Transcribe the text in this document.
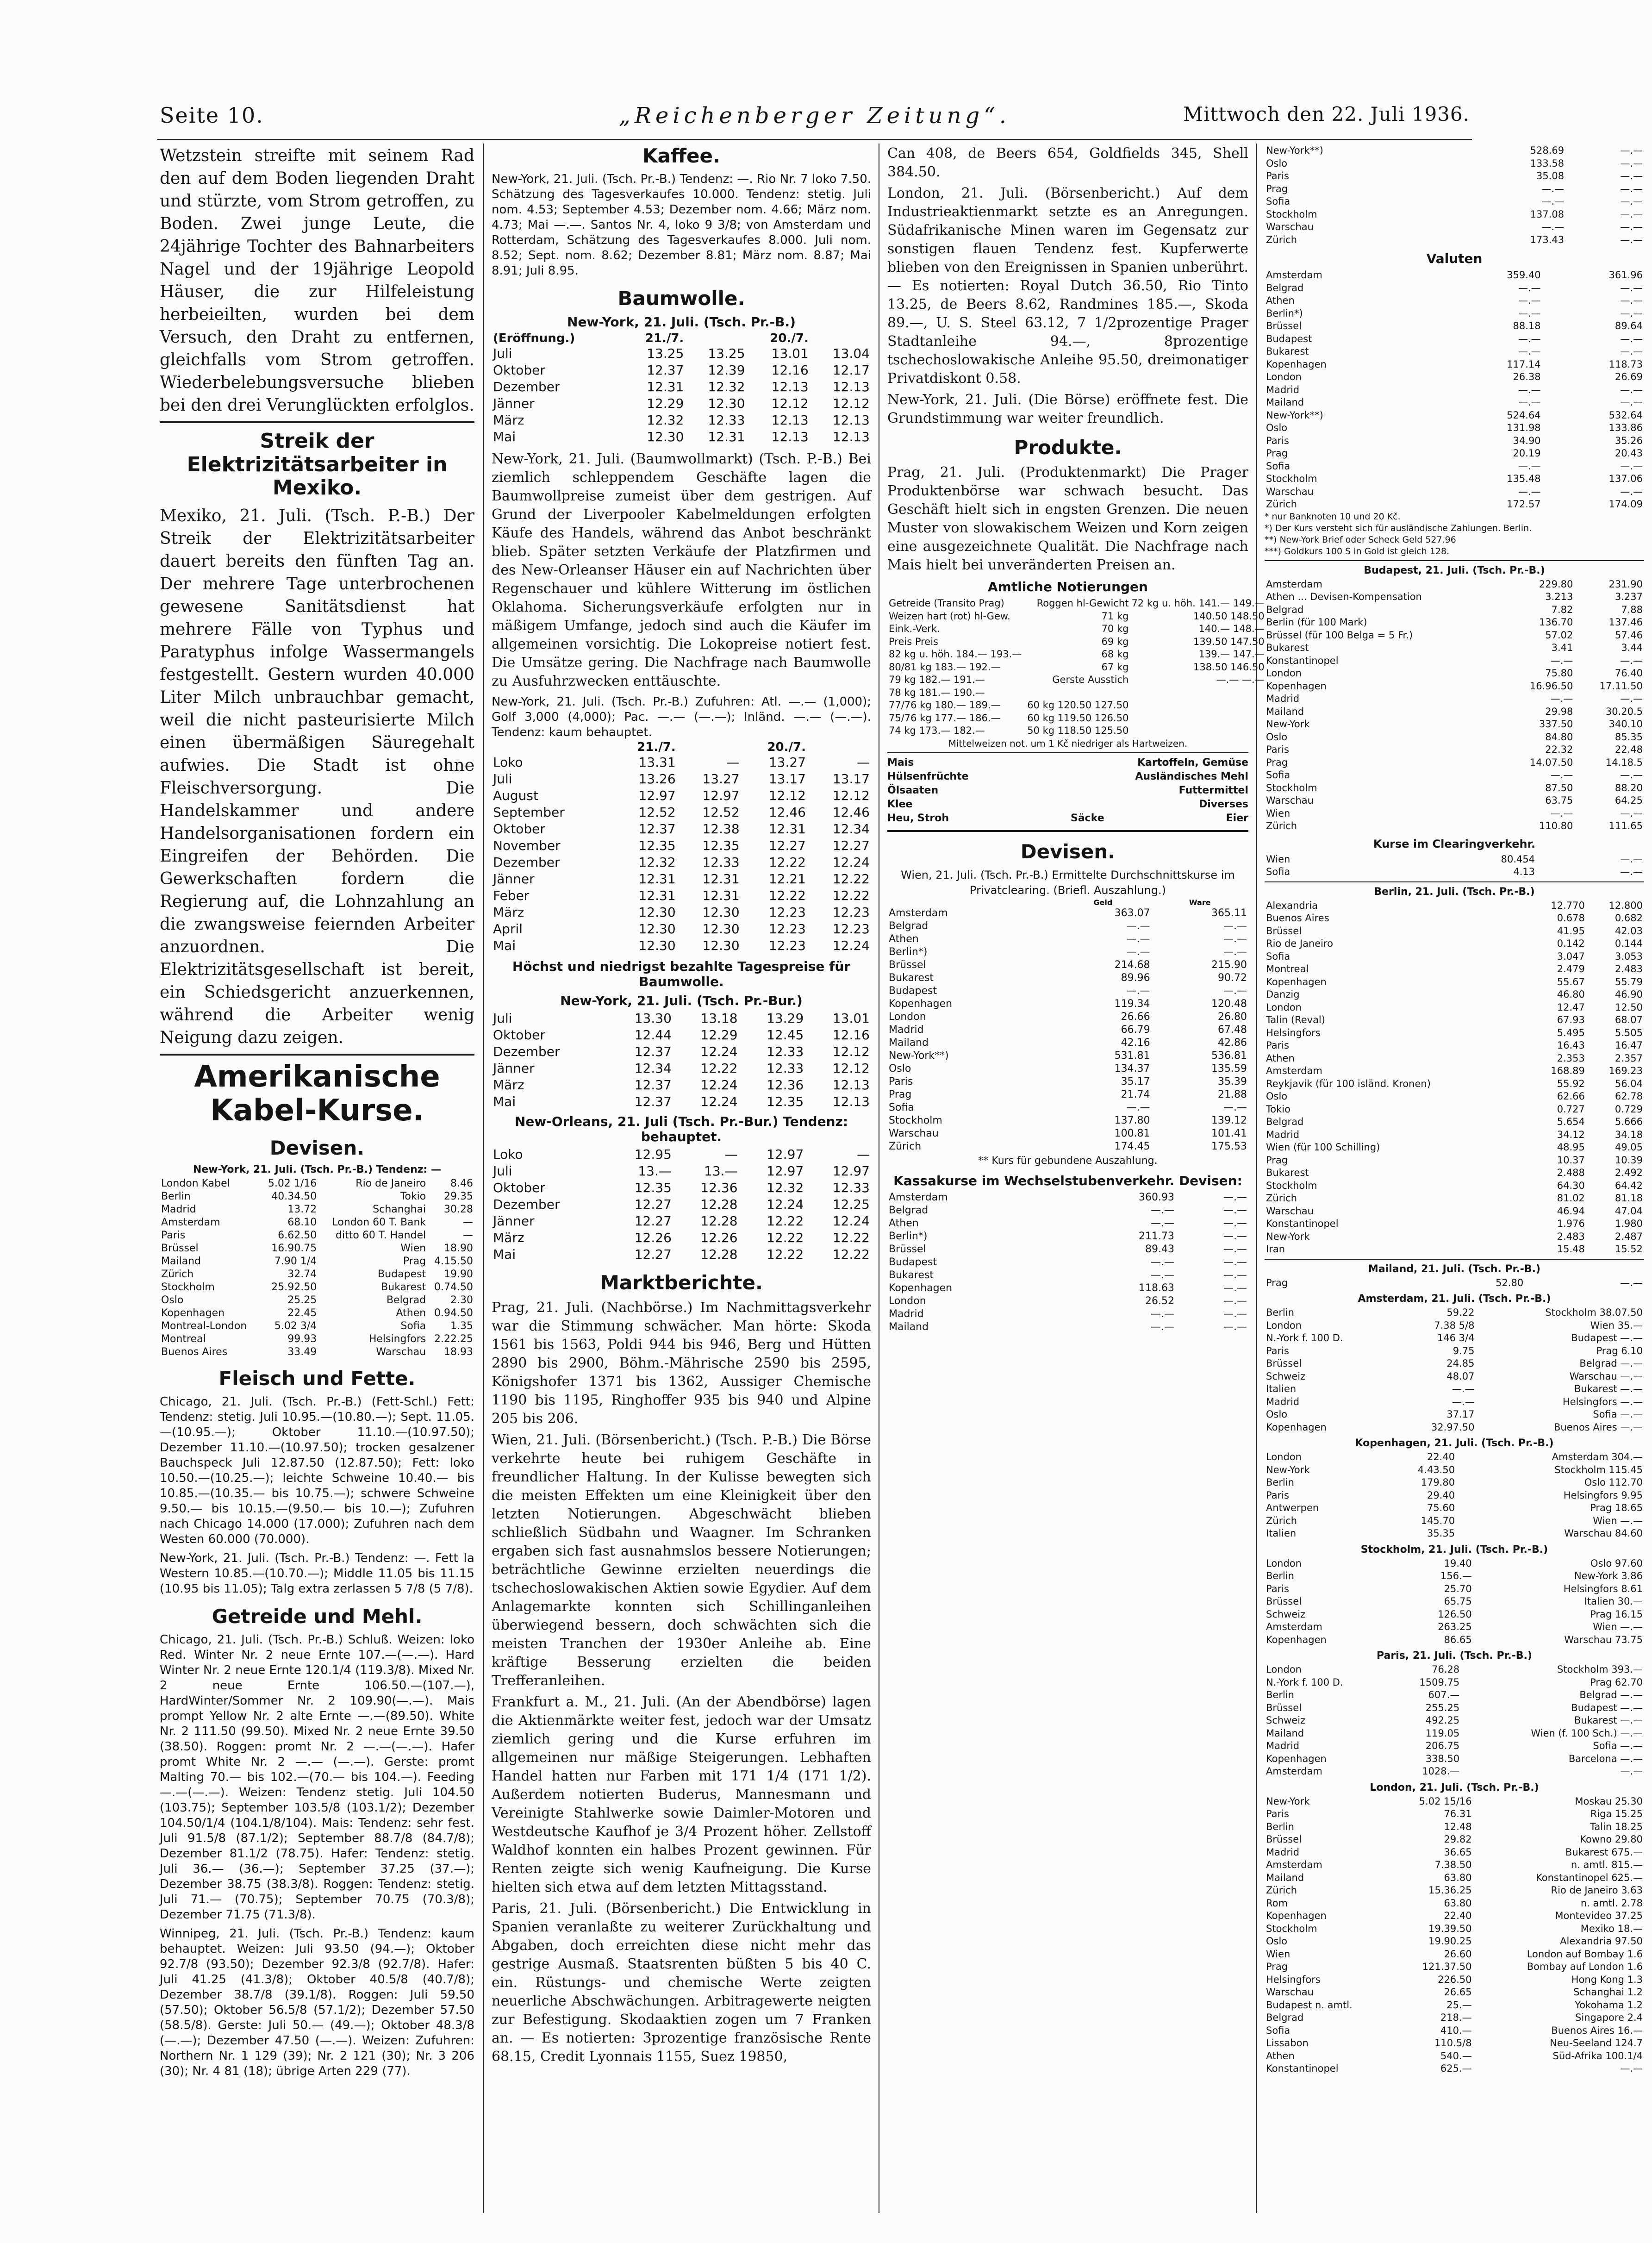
Seite 10.	„Reichenberger Zeitung“.	Mittwoch den 22. Juli 1936.

Wetzstein streifte mit seinem Rad den auf dem Boden liegenden Draht und stürzte, vom Strom getroffen, zu Boden. Zwei junge Leute, die 24jährige Tochter des Bahnarbeiters Nagel und der 19jährige Leopold Häuser, die zur Hilfeleistung herbeieilten, wurden bei dem Versuch, den Draht zu entfernen, gleichfalls vom Strom getroffen. Wiederbelebungsversuche blieben bei den drei Verunglückten erfolglos.

Streik der Elektrizitätsarbeiter in Mexiko.

Mexiko, 21. Juli. (Tsch. P.-B.) Der Streik der Elektrizitätsarbeiter dauert bereits den fünften Tag an. Der mehrere Tage unterbrochenen gewesene Sanitätsdienst hat mehrere Fälle von Typhus und Paratyphus infolge Wassermangels festgestellt. Gestern wurden 40.000 Liter Milch unbrauchbar gemacht, weil die nicht pasteurisierte Milch einen übermäßigen Säuregehalt aufwies. Die Stadt ist ohne Fleischversorgung. Die Handelskammer und andere Handelsorganisationen fordern ein Eingreifen der Behörden. Die Gewerkschaften fordern die Regierung auf, die Lohnzahlung an die zwangsweise feiernden Arbeiter anzuordnen. Die Elektrizitätsgesellschaft ist bereit, ein Schiedsgericht anzuerkennen, während die Arbeiter wenig Neigung dazu zeigen.

Amerikanische Kabel-Kurse.
Devisen.
New-York, 21. Juli. (Tsch. Pr.-B.) Tendenz: —
London Kabel	5.02 1/16	Rio de Janeiro	8.46
Berlin	40.34.50	Tokio	29.35
Madrid	13.72	Schanghai	30.28
Amsterdam	68.10	London 60 T. Bank	—
Paris	6.62.50	ditto 60 T. Handel	—
Brüssel	16.90.75	Wien	18.90
Mailand	7.90 1/4	Prag	4.15.50
Zürich	32.74	Budapest	19.90
Stockholm	25.92.50	Bukarest	0.74.50
Oslo	25.25	Belgrad	2.30
Kopenhagen	22.45	Athen	0.94.50
Montreal-London	5.02 3/4	Sofia	1.35
Montreal	99.93	Helsingfors	2.22.25
Buenos Aires	33.49	Warschau	18.93
Fleisch und Fette.

Chicago, 21. Juli. (Tsch. Pr.-B.) (Fett-Schl.) Fett: Tendenz: stetig. Juli 10.95.—(10.80.—); Sept. 11.05.—(10.95.—); Oktober 11.10.—(10.97.50); Dezember 11.10.—(10.97.50); trocken gesalzener Bauchspeck Juli 12.87.50 (12.87.50); Fett: loko 10.50.—(10.25.—); leichte Schweine 10.40.— bis 10.85.—(10.35.— bis 10.75.—); schwere Schweine 9.50.— bis 10.15.—(9.50.— bis 10.—); Zufuhren nach Chicago 14.000 (17.000); Zufuhren nach dem Westen 60.000 (70.000).

New-York, 21. Juli. (Tsch. Pr.-B.) Tendenz: —. Fett Ia Western 10.85.—(10.70.—); Middle 11.05 bis 11.15 (10.95 bis 11.05); Talg extra zerlassen 5 7/8 (5 7/8).

Getreide und Mehl.

Chicago, 21. Juli. (Tsch. Pr.-B.) Schluß. Weizen: loko Red. Winter Nr. 2 neue Ernte 107.—(—.—). Hard Winter Nr. 2 neue Ernte 120.1/4 (119.3/8). Mixed Nr. 2 neue Ernte 106.50.—(107.—), HardWinter/Sommer Nr. 2 109.90(—.—). Mais prompt Yellow Nr. 2 alte Ernte —.—(89.50). White Nr. 2 111.50 (99.50). Mixed Nr. 2 neue Ernte 39.50 (38.50). Roggen: promt Nr. 2 —.—(—.—). Hafer promt White Nr. 2 —.— (—.—). Gerste: promt Malting 70.— bis 102.—(70.— bis 104.—). Feeding —.—(—.—). Weizen: Tendenz stetig. Juli 104.50 (103.75); September 103.5/8 (103.1/2); Dezember 104.50/1/4 (104.1/8/104). Mais: Tendenz: sehr fest. Juli 91.5/8 (87.1/2); September 88.7/8 (84.7/8); Dezember 81.1/2 (78.75). Hafer: Tendenz: stetig. Juli 36.— (36.—); September 37.25 (37.—); Dezember 38.75 (38.3/8). Roggen: Tendenz: stetig. Juli 71.— (70.75); September 70.75 (70.3/8); Dezember 71.75 (71.3/8).

Winnipeg, 21. Juli. (Tsch. Pr.-B.) Tendenz: kaum behauptet. Weizen: Juli 93.50 (94.—); Oktober 92.7/8 (93.50); Dezember 92.3/8 (92.7/8). Hafer: Juli 41.25 (41.3/8); Oktober 40.5/8 (40.7/8); Dezember 38.7/8 (39.1/8). Roggen: Juli 59.50 (57.50); Oktober 56.5/8 (57.1/2); Dezember 57.50 (58.5/8). Gerste: Juli 50.— (49.—); Oktober 48.3/8 (—.—); Dezember 47.50 (—.—). Weizen: Zufuhren: Northern Nr. 1 129 (39); Nr. 2 121 (30); Nr. 3 206 (30); Nr. 4 81 (18); übrige Arten 229 (77).

Kaffee.

New-York, 21. Juli. (Tsch. Pr.-B.) Tendenz: —. Rio Nr. 7 loko 7.50. Schätzung des Tagesverkaufes 10.000. Tendenz: stetig. Juli nom. 4.53; September 4.53; Dezember nom. 4.66; März nom. 4.73; Mai —.—. Santos Nr. 4, loko 9 3/8; von Amsterdam und Rotterdam, Schätzung des Tagesverkaufes 8.000. Juli nom. 8.52; Sept. nom. 8.62; Dezember 8.81; März nom. 8.87; Mai 8.91; Juli 8.95.

Baumwolle.
New-York, 21. Juli. (Tsch. Pr.-B.)
(Eröffnung.)	21./7.		20./7.	
Juli	13.25	13.25	13.01	13.04
Oktober	12.37	12.39	12.16	12.17
Dezember	12.31	12.32	12.13	12.13
Jänner	12.29	12.30	12.12	12.12
März	12.32	12.33	12.13	12.13
Mai	12.30	12.31	12.13	12.13

New-York, 21. Juli. (Baumwollmarkt) (Tsch. P.-B.) Bei ziemlich schleppendem Geschäfte lagen die Baumwollpreise zumeist über dem gestrigen. Auf Grund der Liverpooler Kabelmeldungen erfolgten Käufe des Handels, während das Anbot beschränkt blieb. Später setzten Verkäufe der Platzfirmen und des New-Orleanser Häuser ein auf Nachrichten über Regenschauer und kühlere Witterung im östlichen Oklahoma. Sicherungsverkäufe erfolgten nur in mäßigem Umfange, jedoch sind auch die Käufer im allgemeinen vorsichtig. Die Lokopreise notiert fest. Die Umsätze gering. Die Nachfrage nach Baumwolle zu Ausfuhrzwecken enttäuschte.

New-York, 21. Juli. (Tsch. Pr.-B.) Zufuhren: Atl. —.— (1,000); Golf 3,000 (4,000); Pac. —.— (—.—); Inländ. —.— (—.—). Tendenz: kaum behauptet.

	21./7.		20./7.	
Loko	13.31	—	13.27	—
Juli	13.26	13.27	13.17	13.17
August	12.97	12.97	12.12	12.12
September	12.52	12.52	12.46	12.46
Oktober	12.37	12.38	12.31	12.34
November	12.35	12.35	12.27	12.27
Dezember	12.32	12.33	12.22	12.24
Jänner	12.31	12.31	12.21	12.22
Feber	12.31	12.31	12.22	12.22
März	12.30	12.30	12.23	12.23
April	12.30	12.30	12.23	12.23
Mai	12.30	12.30	12.23	12.24
Höchst und niedrigst bezahlte Tagespreise für Baumwolle.
New-York, 21. Juli. (Tsch. Pr.-Bur.)
Juli	13.30	13.18	13.29	13.01
Oktober	12.44	12.29	12.45	12.16
Dezember	12.37	12.24	12.33	12.12
Jänner	12.34	12.22	12.33	12.12
März	12.37	12.24	12.36	12.13
Mai	12.37	12.24	12.35	12.13
New-Orleans, 21. Juli (Tsch. Pr.-Bur.) Tendenz: behauptet.
Loko	12.95	—	12.97	—
Juli	13.—	13.—	12.97	12.97
Oktober	12.35	12.36	12.32	12.33
Dezember	12.27	12.28	12.24	12.25
Jänner	12.27	12.28	12.22	12.24
März	12.26	12.26	12.22	12.22
Mai	12.27	12.28	12.22	12.22
Marktberichte.

Prag, 21. Juli. (Nachbörse.) Im Nachmittagsverkehr war die Stimmung schwächer. Man hörte: Skoda 1561 bis 1563, Poldi 944 bis 946, Berg und Hütten 2890 bis 2900, Böhm.-Mährische 2590 bis 2595, Königshofer 1371 bis 1362, Aussiger Chemische 1190 bis 1195, Ringhoffer 935 bis 940 und Alpine 205 bis 206.

Wien, 21. Juli. (Börsenbericht.) (Tsch. P.-B.) Die Börse verkehrte heute bei ruhigem Geschäfte in freundlicher Haltung. In der Kulisse bewegten sich die meisten Effekten um eine Kleinigkeit über den letzten Notierungen. Abgeschwächt blieben schließlich Südbahn und Waagner. Im Schranken ergaben sich fast ausnahmslos bessere Notierungen; beträchtliche Gewinne erzielten neuerdings die tschechoslowakischen Aktien sowie Egydier. Auf dem Anlagemarkte konnten sich Schillinganleihen überwiegend bessern, doch schwächten sich die meisten Tranchen der 1930er Anleihe ab. Eine kräftige Besserung erzielten die beiden Trefferanleihen.

Frankfurt a. M., 21. Juli. (An der Abendbörse) lagen die Aktienmärkte weiter fest, jedoch war der Umsatz ziemlich gering und die Kurse erfuhren im allgemeinen nur mäßige Steigerungen. Lebhaften Handel hatten nur Farben mit 171 1/4 (171 1/2). Außerdem notierten Buderus, Mannesmann und Vereinigte Stahlwerke sowie Daimler-Motoren und Westdeutsche Kaufhof je 3/4 Prozent höher. Zellstoff Waldhof konnten ein halbes Prozent gewinnen. Für Renten zeigte sich wenig Kaufneigung. Die Kurse hielten sich etwa auf dem letzten Mittagsstand.

Paris, 21. Juli. (Börsenbericht.) Die Entwicklung in Spanien veranlaßte zu weiterer Zurückhaltung und Abgaben, doch erreichten diese nicht mehr das gestrige Ausmaß. Staatsrenten büßten 5 bis 40 C. ein. Rüstungs- und chemische Werte zeigten neuerliche Abschwächungen. Arbitragewerte neigten zur Befestigung. Skodaaktien zogen um 7 Franken an. — Es notierten: 3prozentige französische Rente 68.15, Credit Lyonnais 1155, Suez 19850,

Can 408, de Beers 654, Goldfields 345, Shell 384.50.

London, 21. Juli. (Börsenbericht.) Auf dem Industrieaktienmarkt setzte es an Anregungen. Südafrikanische Minen waren im Gegensatz zur sonstigen flauen Tendenz fest. Kupferwerte blieben von den Ereignissen in Spanien unberührt. — Es notierten: Royal Dutch 36.50, Rio Tinto 13.25, de Beers 8.62, Randmines 185.—, Skoda 89.—, U. S. Steel 63.12, 7 1/2prozentige Prager Stadtanleihe 94.—, 8prozentige tschechoslowakische Anleihe 95.50, dreimonatiger Privatdiskont 0.58.

New-York, 21. Juli. (Die Börse) eröffnete fest. Die Grundstimmung war weiter freundlich.

Produkte.

Prag, 21. Juli. (Produktenmarkt) Die Prager Produktenbörse war schwach besucht. Das Geschäft hielt sich in engsten Grenzen. Die neuen Muster von slowakischem Weizen und Korn zeigen eine ausgezeichnete Qualität. Die Nachfrage nach Mais hielt bei unveränderten Preisen an.

Amtliche Notierungen
Getreide (Transito Prag)		Roggen hl-Gewicht	72 kg u. höh. 141.— 149.—
Weizen hart (rot) hl-Gew.		71 kg	140.50 148.50
Eink.-Verk.		70 kg	140.— 148.—
Preis Preis		69 kg	139.50 147.50
82 kg u. höh. 184.— 193.—		68 kg	139.— 147.—
80/81 kg 183.— 192.—		67 kg	138.50 146.50
79 kg 182.— 191.—		Gerste Ausstich	—.— —.—
78 kg 181.— 190.—			
77/76 kg 180.— 189.—		60 kg 120.50 127.50	
75/76 kg 177.— 186.—		60 kg 119.50 126.50	
74 kg 173.— 182.—		50 kg 118.50 125.50	

Mittelweizen not. um 1 Kč niedriger als Hartweizen.

Mais	Kartoffeln, Gemüse
Hülsenfrüchte	Ausländisches Mehl
Ölsaaten	Futtermittel
Klee	Diverses
Heu, Stroh	Säcke	Eier
Devisen.

Wien, 21. Juli. (Tsch. Pr.-B.) Ermittelte Durchschnittskurse im Privatclearing. (Briefl. Auszahlung.)

	Geld	Ware
Amsterdam	363.07	365.11
Belgrad	—.—	—.—
Athen	—.—	—.—
Berlin*)	—.—	—.—
Brüssel	214.68	215.90
Bukarest	89.96	90.72
Budapest	—.—	—.—
Kopenhagen	119.34	120.48
London	26.66	26.80
Madrid	66.79	67.48
Mailand	42.16	42.86
New-York**)	531.81	536.81
Oslo	134.37	135.59
Paris	35.17	35.39
Prag	21.74	21.88
Sofia	—.—	—.—
Stockholm	137.80	139.12
Warschau	100.81	101.41
Zürich	174.45	175.53

** Kurs für gebundene Auszahlung.

Kassakurse im Wechselstubenverkehr. Devisen:
Amsterdam	360.93	—.—
Belgrad	—.—	—.—
Athen	—.—	—.—
Berlin*)	211.73	—.—
Brüssel	89.43	—.—
Budapest	—.—	—.—
Bukarest	—.—	—.—
Kopenhagen	118.63	—.—
London	26.52	—.—
Madrid	—.—	—.—
Mailand	—.—	—.—
New-York**)	528.69	—.—
Oslo	133.58	—.—
Paris	35.08	—.—
Prag	—.—	—.—
Sofia	—.—	—.—
Stockholm	137.08	—.—
Warschau	—.—	—.—
Zürich	173.43	—.—
Valuten
Amsterdam	359.40	361.96
Belgrad	—.—	—.—
Athen	—.—	—.—
Berlin*)	—.—	—.—
Brüssel	88.18	89.64
Budapest	—.—	—.—
Bukarest	—.—	—.—
Kopenhagen	117.14	118.73
London	26.38	26.69
Madrid	—.—	—.—
Mailand	—.—	—.—
New-York**)	524.64	532.64
Oslo	131.98	133.86
Paris	34.90	35.26
Prag	20.19	20.43
Sofia	—.—	—.—
Stockholm	135.48	137.06
Warschau	—.—	—.—
Zürich	172.57	174.09
* nur Banknoten 10 und 20 Kč.
*) Der Kurs versteht sich für ausländische Zahlungen. Berlin.
**) New-York Brief oder Scheck Geld 527.96
***) Goldkurs 100 S in Gold ist gleich 128.
Budapest, 21. Juli. (Tsch. Pr.-B.)
Amsterdam	229.80	231.90
Athen ... Devisen-Kompensation	3.213	3.237
Belgrad	7.82	7.88
Berlin (für 100 Mark)	136.70	137.46
Brüssel (für 100 Belga = 5 Fr.)	57.02	57.46
Bukarest	3.41	3.44
Konstantinopel	—.—	—.—
London	75.80	76.40
Kopenhagen	16.96.50	17.11.50
Madrid	—.—	—.—
Mailand	29.98	30.20.5
New-York	337.50	340.10
Oslo	84.80	85.35
Paris	22.32	22.48
Prag	14.07.50	14.18.5
Sofia	—.—	—.—
Stockholm	87.50	88.20
Warschau	63.75	64.25
Wien	—.—	—.—
Zürich	110.80	111.65
Kurse im Clearingverkehr.
Wien	80.454	—.—
Sofia	4.13	—.—
Berlin, 21. Juli. (Tsch. Pr.-B.)
Alexandria	12.770	12.800
Buenos Aires	0.678	0.682
Brüssel	41.95	42.03
Rio de Janeiro	0.142	0.144
Sofia	3.047	3.053
Montreal	2.479	2.483
Kopenhagen	55.67	55.79
Danzig	46.80	46.90
London	12.47	12.50
Talin (Reval)	67.93	68.07
Helsingfors	5.495	5.505
Paris	16.43	16.47
Athen	2.353	2.357
Amsterdam	168.89	169.23
Reykjavik (für 100 isländ. Kronen)	55.92	56.04
Oslo	62.66	62.78
Tokio	0.727	0.729
Belgrad	5.654	5.666
Madrid	34.12	34.18
Wien (für 100 Schilling)	48.95	49.05
Prag	10.37	10.39
Bukarest	2.488	2.492
Stockholm	64.30	64.42
Zürich	81.02	81.18
Warschau	46.94	47.04
Konstantinopel	1.976	1.980
New-York	2.483	2.487
Iran	15.48	15.52
Mailand, 21. Juli. (Tsch. Pr.-B.)
Prag	52.80	—.—
Amsterdam, 21. Juli. (Tsch. Pr.-B.)
Berlin	59.22	Stockholm 38.07.50
London	7.38 5/8	Wien 35.—
N.-York f. 100 D.	146 3/4	Budapest —.—
Paris	9.75	Prag 6.10
Brüssel	24.85	Belgrad —.—
Schweiz	48.07	Warschau —.—
Italien	—.—	Bukarest —.—
Madrid	—.—	Helsingfors —.—
Oslo	37.17	Sofia —.—
Kopenhagen	32.97.50	Buenos Aires —.—
Kopenhagen, 21. Juli. (Tsch. Pr.-B.)
London	22.40	Amsterdam 304.—
New-York	4.43.50	Stockholm 115.45
Berlin	179.80	Oslo 112.70
Paris	29.40	Helsingfors 9.95
Antwerpen	75.60	Prag 18.65
Zürich	145.70	Wien —.—
Italien	35.35	Warschau 84.60
Stockholm, 21. Juli. (Tsch. Pr.-B.)
London	19.40	Oslo 97.60
Berlin	156.—	New-York 3.86
Paris	25.70	Helsingfors 8.61
Brüssel	65.75	Italien 30.—
Schweiz	126.50	Prag 16.15
Amsterdam	263.25	Wien —.—
Kopenhagen	86.65	Warschau 73.75
Paris, 21. Juli. (Tsch. Pr.-B.)
London	76.28	Stockholm 393.—
N.-York f. 100 D.	1509.75	Prag 62.70
Berlin	607.—	Belgrad —.—
Brüssel	255.25	Budapest —.—
Schweiz	492.25	Bukarest —.—
Mailand	119.05	Wien (f. 100 Sch.) —.—
Madrid	206.75	Sofia —.—
Kopenhagen	338.50	Barcelona —.—
Amsterdam	1028.—	—.—
London, 21. Juli. (Tsch. Pr.-B.)
New-York	5.02 15/16	Moskau 25.30
Paris	76.31	Riga 15.25
Berlin	12.48	Talin 18.25
Brüssel	29.82	Kowno 29.80
Madrid	36.65	Bukarest 675.—
Amsterdam	7.38.50	n. amtl. 815.—
Mailand	63.80	Konstantinopel 625.—
Zürich	15.36.25	Rio de Janeiro 3.63
Rom	63.80	n. amtl. 2.78
Kopenhagen	22.40	Montevideo 37.25
Stockholm	19.39.50	Mexiko 18.—
Oslo	19.90.25	Alexandria 97.50
Wien	26.60	London auf Bombay 1.6
Prag	121.37.50	Bombay auf London 1.6
Helsingfors	226.50	Hong Kong 1.3
Warschau	26.65	Schanghai 1.2
Budapest n. amtl.	25.—	Yokohama 1.2
Belgrad	218.—	Singapore 2.4
Sofia	410.—	Buenos Aires 16.—
Lissabon	110.5/8	Neu-Seeland 124.7
Athen	540.—	Süd-Afrika 100.1/4
Konstantinopel	625.—	—.—
